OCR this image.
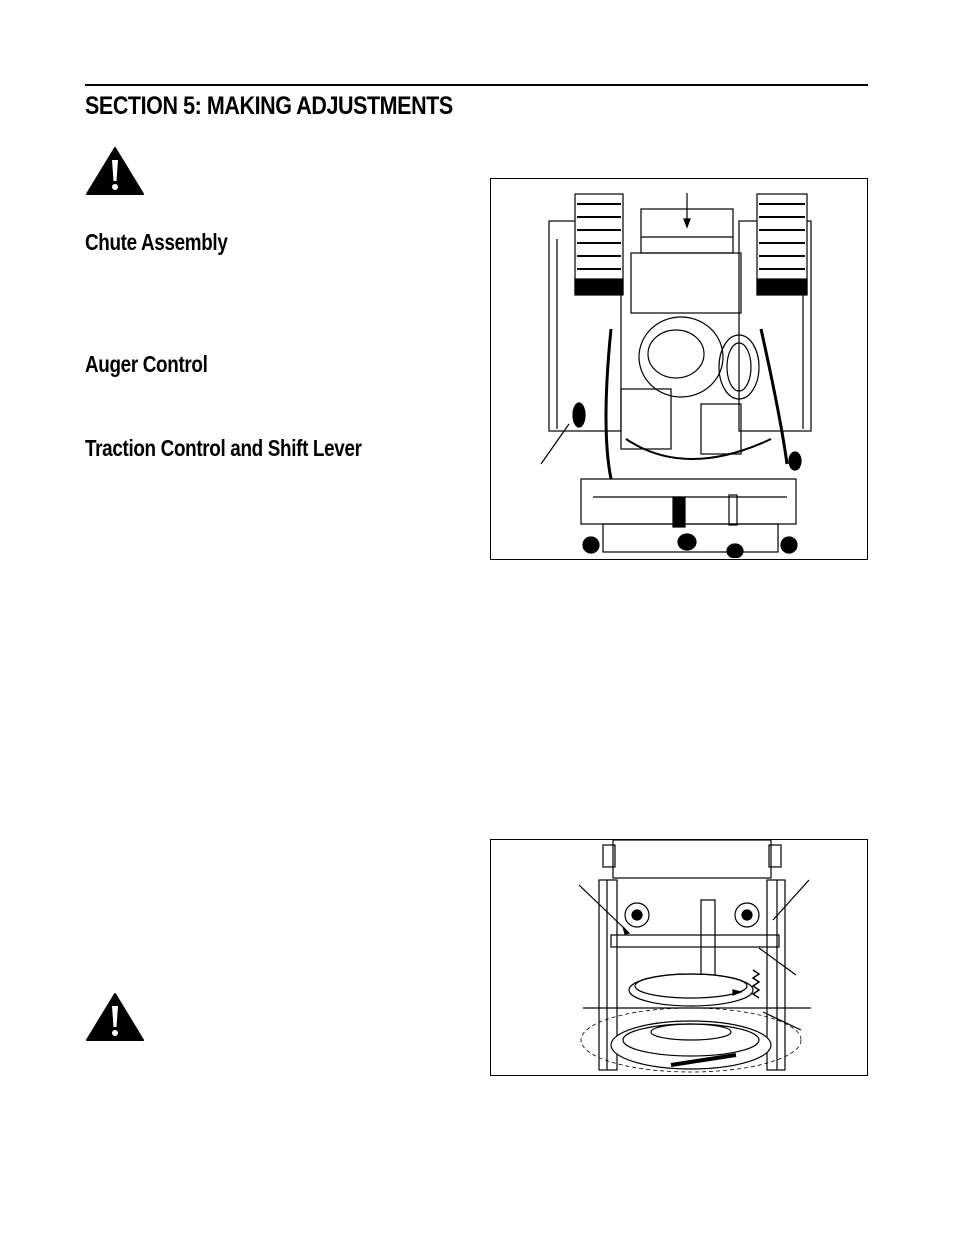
SECTION 5: MAKING ADJUSTMENTS
Chute Assembly
Auger Control
Traction Control and Shift Lever
